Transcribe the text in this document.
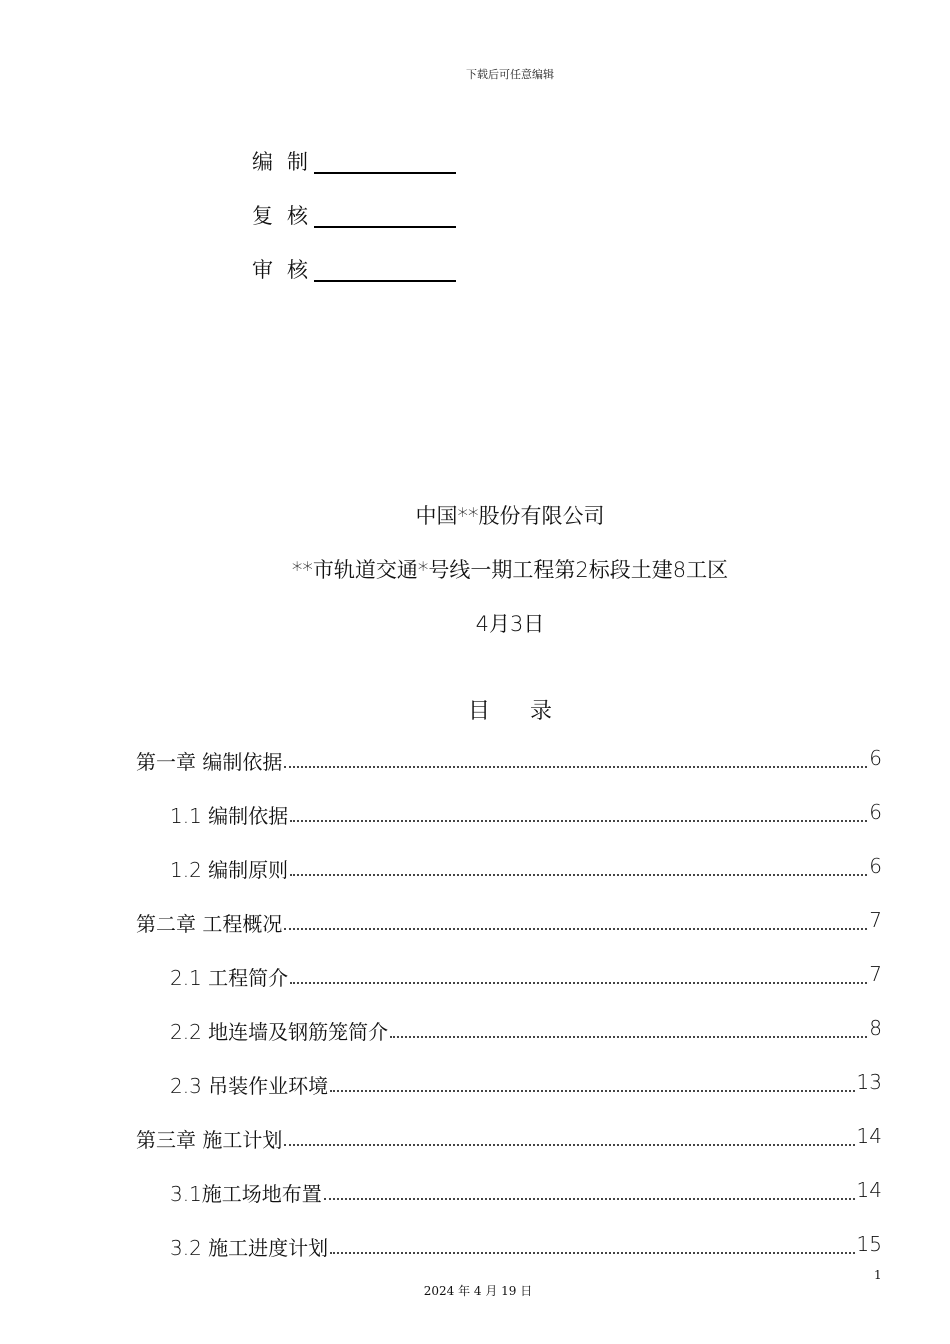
下载后可任意编辑
编制
复核
审核
中国**股份有限公司
**市轨道交通*号线一期工程第2标段土建8工区
4月3日
目录
第一章 编制依据	6
1.1 编制依据	6
1.2 编制原则	6
第二章 工程概况	7
2.1 工程简介	7
2.2 地连墙及钢筋笼简介	8
2.3 吊装作业环境	13
第三章 施工计划	14
3.1施工场地布置	14
3.2 施工进度计划	15
1
2024 年 4 月 19 日
